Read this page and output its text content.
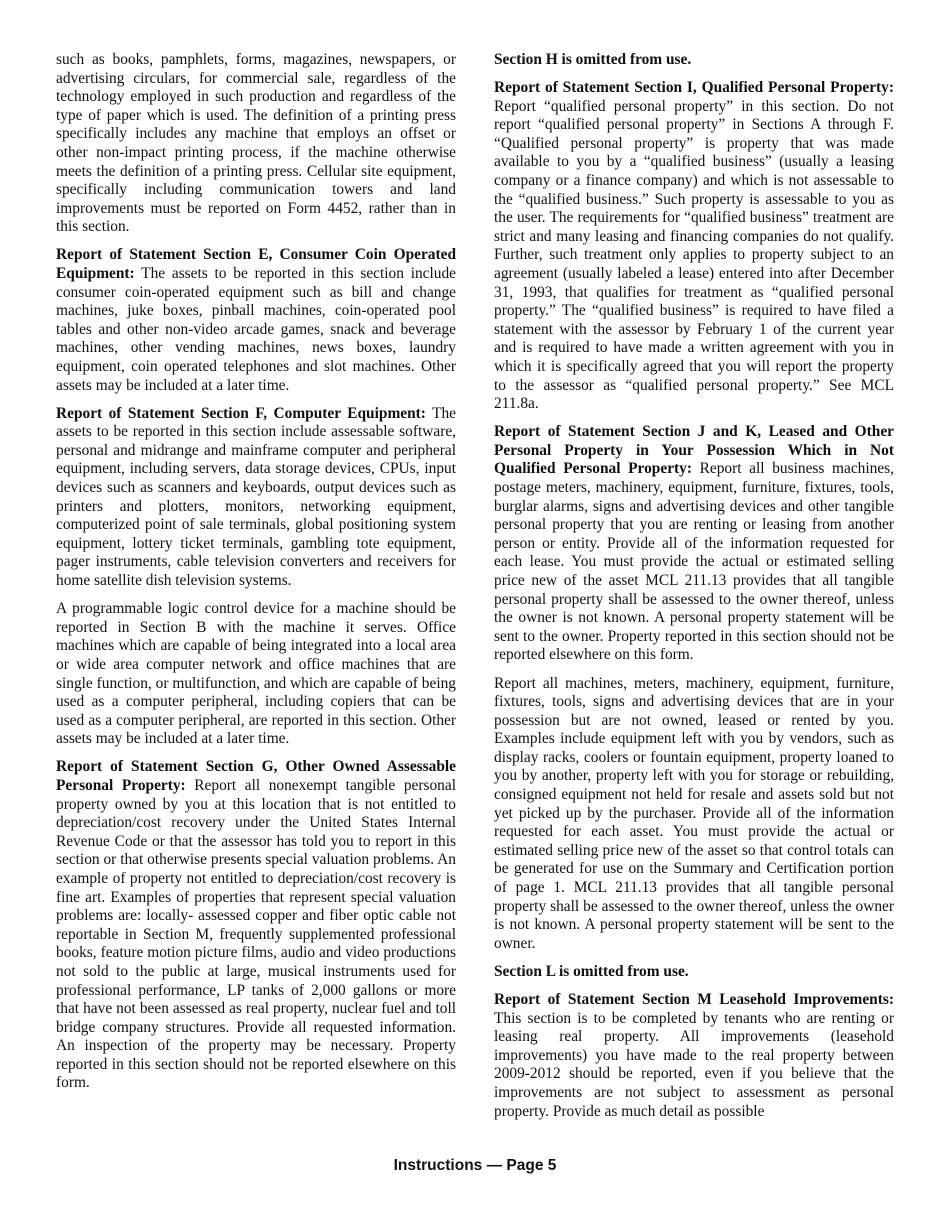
such as books, pamphlets, forms, magazines, newspapers, or advertising circulars, for commercial sale, regardless of the technology employed in such production and regardless of the type of paper which is used. The definition of a printing press specifically includes any machine that employs an offset or other non-impact printing process, if the machine otherwise meets the definition of a printing press. Cellular site equipment, specifically including communication towers and land improvements must be reported on Form 4452, rather than in this section.

Report of Statement Section E, Consumer Coin Operated Equipment: The assets to be reported in this section include consumer coin-operated equipment such as bill and change machines, juke boxes, pinball machines, coin-operated pool tables and other non-video arcade games, snack and beverage machines, other vending machines, news boxes, laundry equipment, coin operated telephones and slot machines. Other assets may be included at a later time.

Report of Statement Section F, Computer Equipment: The assets to be reported in this section include assessable software, personal and midrange and mainframe computer and peripheral equipment, including servers, data storage devices, CPUs, input devices such as scanners and keyboards, output devices such as printers and plotters, monitors, networking equipment, computerized point of sale terminals, global positioning system equipment, lottery ticket terminals, gambling tote equipment, pager instruments, cable television converters and receivers for home satellite dish television systems.

A programmable logic control device for a machine should be reported in Section B with the machine it serves. Office machines which are capable of being integrated into a local area or wide area computer network and office machines that are single function, or multifunction, and which are capable of being used as a computer peripheral, including copiers that can be used as a computer peripheral, are reported in this section. Other assets may be included at a later time.

Report of Statement Section G, Other Owned Assessable Personal Property: Report all nonexempt tangible personal property owned by you at this location that is not entitled to depreciation/cost recovery under the United States Internal Revenue Code or that the assessor has told you to report in this section or that otherwise presents special valuation problems. An example of property not entitled to depreciation/cost recovery is fine art. Examples of properties that represent special valuation problems are: locally- assessed copper and fiber optic cable not reportable in Section M, frequently supplemented professional books, feature motion picture films, audio and video productions not sold to the public at large, musical instruments used for professional performance, LP tanks of 2,000 gallons or more that have not been assessed as real property, nuclear fuel and toll bridge company structures. Provide all requested information. An inspection of the property may be necessary. Property reported in this section should not be reported elsewhere on this form.

Section H is omitted from use.

Report of Statement Section I, Qualified Personal Property: Report “qualified personal property” in this section. Do not report “qualified personal property” in Sections A through F. “Qualified personal property” is property that was made available to you by a “qualified business” (usually a leasing company or a finance company) and which is not assessable to the “qualified business.” Such property is assessable to you as the user. The requirements for “qualified business” treatment are strict and many leasing and financing companies do not qualify. Further, such treatment only applies to property subject to an agreement (usually labeled a lease) entered into after December 31, 1993, that qualifies for treatment as “qualified personal property.” The “qualified business” is required to have filed a statement with the assessor by February 1 of the current year and is required to have made a written agreement with you in which it is specifically agreed that you will report the property to the assessor as “qualified personal property.” See MCL 211.8a.

Report of Statement Section J and K, Leased and Other Personal Property in Your Possession Which in Not Qualified Personal Property: Report all business machines, postage meters, machinery, equipment, furniture, fixtures, tools, burglar alarms, signs and advertising devices and other tangible personal property that you are renting or leasing from another person or entity. Provide all of the information requested for each lease. You must provide the actual or estimated selling price new of the asset MCL 211.13 provides that all tangible personal property shall be assessed to the owner thereof, unless the owner is not known. A personal property statement will be sent to the owner. Property reported in this section should not be reported elsewhere on this form.

Report all machines, meters, machinery, equipment, furniture, fixtures, tools, signs and advertising devices that are in your possession but are not owned, leased or rented by you. Examples include equipment left with you by vendors, such as display racks, coolers or fountain equipment, property loaned to you by another, property left with you for storage or rebuilding, consigned equipment not held for resale and assets sold but not yet picked up by the purchaser. Provide all of the information requested for each asset. You must provide the actual or estimated selling price new of the asset so that control totals can be generated for use on the Summary and Certification portion of page 1. MCL 211.13 provides that all tangible personal property shall be assessed to the owner thereof, unless the owner is not known. A personal property statement will be sent to the owner.

Section L is omitted from use.

Report of Statement Section M Leasehold Improvements: This section is to be completed by tenants who are renting or leasing real property. All improvements (leasehold improvements) you have made to the real property between 2009-2012 should be reported, even if you believe that the improvements are not subject to assessment as personal property. Provide as much detail as possible

Instructions — Page 5
